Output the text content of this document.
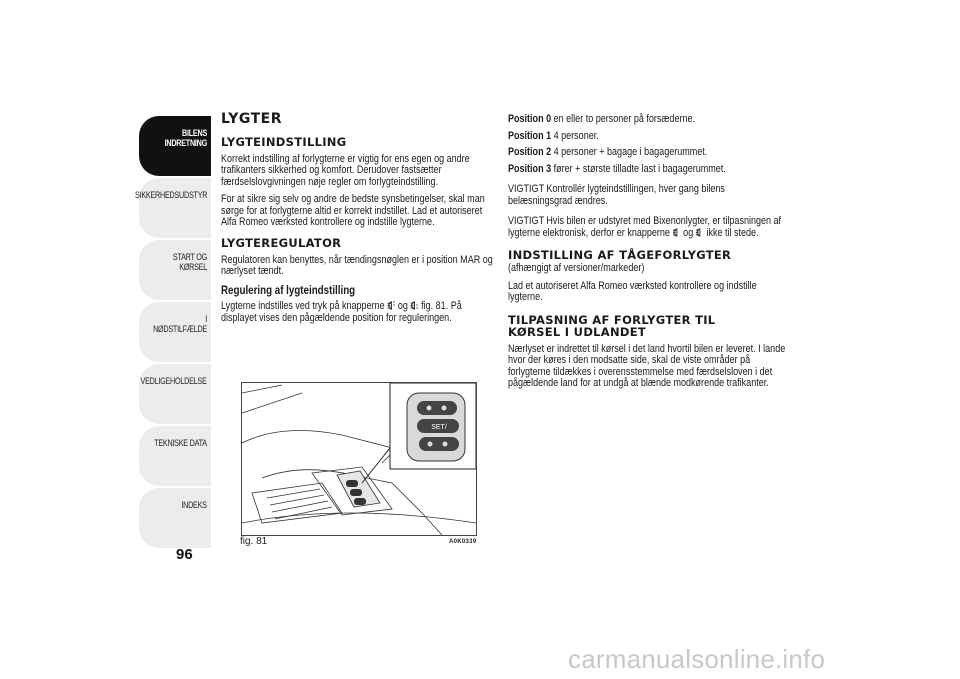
BILENS
INDRETNING
SIKKERHEDSUDSTYR
START OG KØRSEL
I NØDSTILFÆLDE
VEDLIGEHOLDELSE
TEKNISKE DATA
INDEKS
96
LYGTER
LYGTEINDSTILLING

Korrekt indstilling af forlygterne er vigtig for ens egen og andre trafikanters sikkerhed og komfort. Derudover fastsætter færdselslovgivningen nøje regler om forlygteindstilling.

For at sikre sig selv og andre de bedste synsbetingelser, skal man sørge for at forlygterne altid er korrekt indstillet. Lad et autoriseret Alfa Romeo værksted kontrollere og indstille lygterne.

LYGTEREGULATOR

Regulatoren kan benyttes, når tændingsnøglen er i position MAR og nærlyset tændt.

Regulering af lygteindstilling

Lygterne indstilles ved tryk på knapperne og fig. 81. På displayet vises den pågældende position for reguleringen.

SET/
fig. 81	A0K0339

Position 0 en eller to personer på forsæderne.

Position 1 4 personer.

Position 2 4 personer + bagage i bagagerummet.

Position 3 fører + største tilladte last i bagagerummet.

VIGTIGT Kontrollér lygteindstillingen, hver gang bilens belæsningsgrad ændres.

VIGTIGT Hvis bilen er udstyret med Bixenonlygter, er tilpasningen af lygterne elektronisk, derfor er knapperne og ikke til stede.

INDSTILLING AF TÅGEFORLYGTER

(afhængigt af versioner/markeder)

Lad et autoriseret Alfa Romeo værksted kontrollere og indstille lygterne.

TILPASNING AF FORLYGTER TIL KØRSEL I UDLANDET

Nærlyset er indrettet til kørsel i det land hvortil bilen er leveret. I lande hvor der køres i den modsatte side, skal de viste områder på forlygterne tildækkes i overensstemmelse med færdselsloven i det pågældende land for at undgå at blænde modkørende trafikanter.

carmanualsonline.info
